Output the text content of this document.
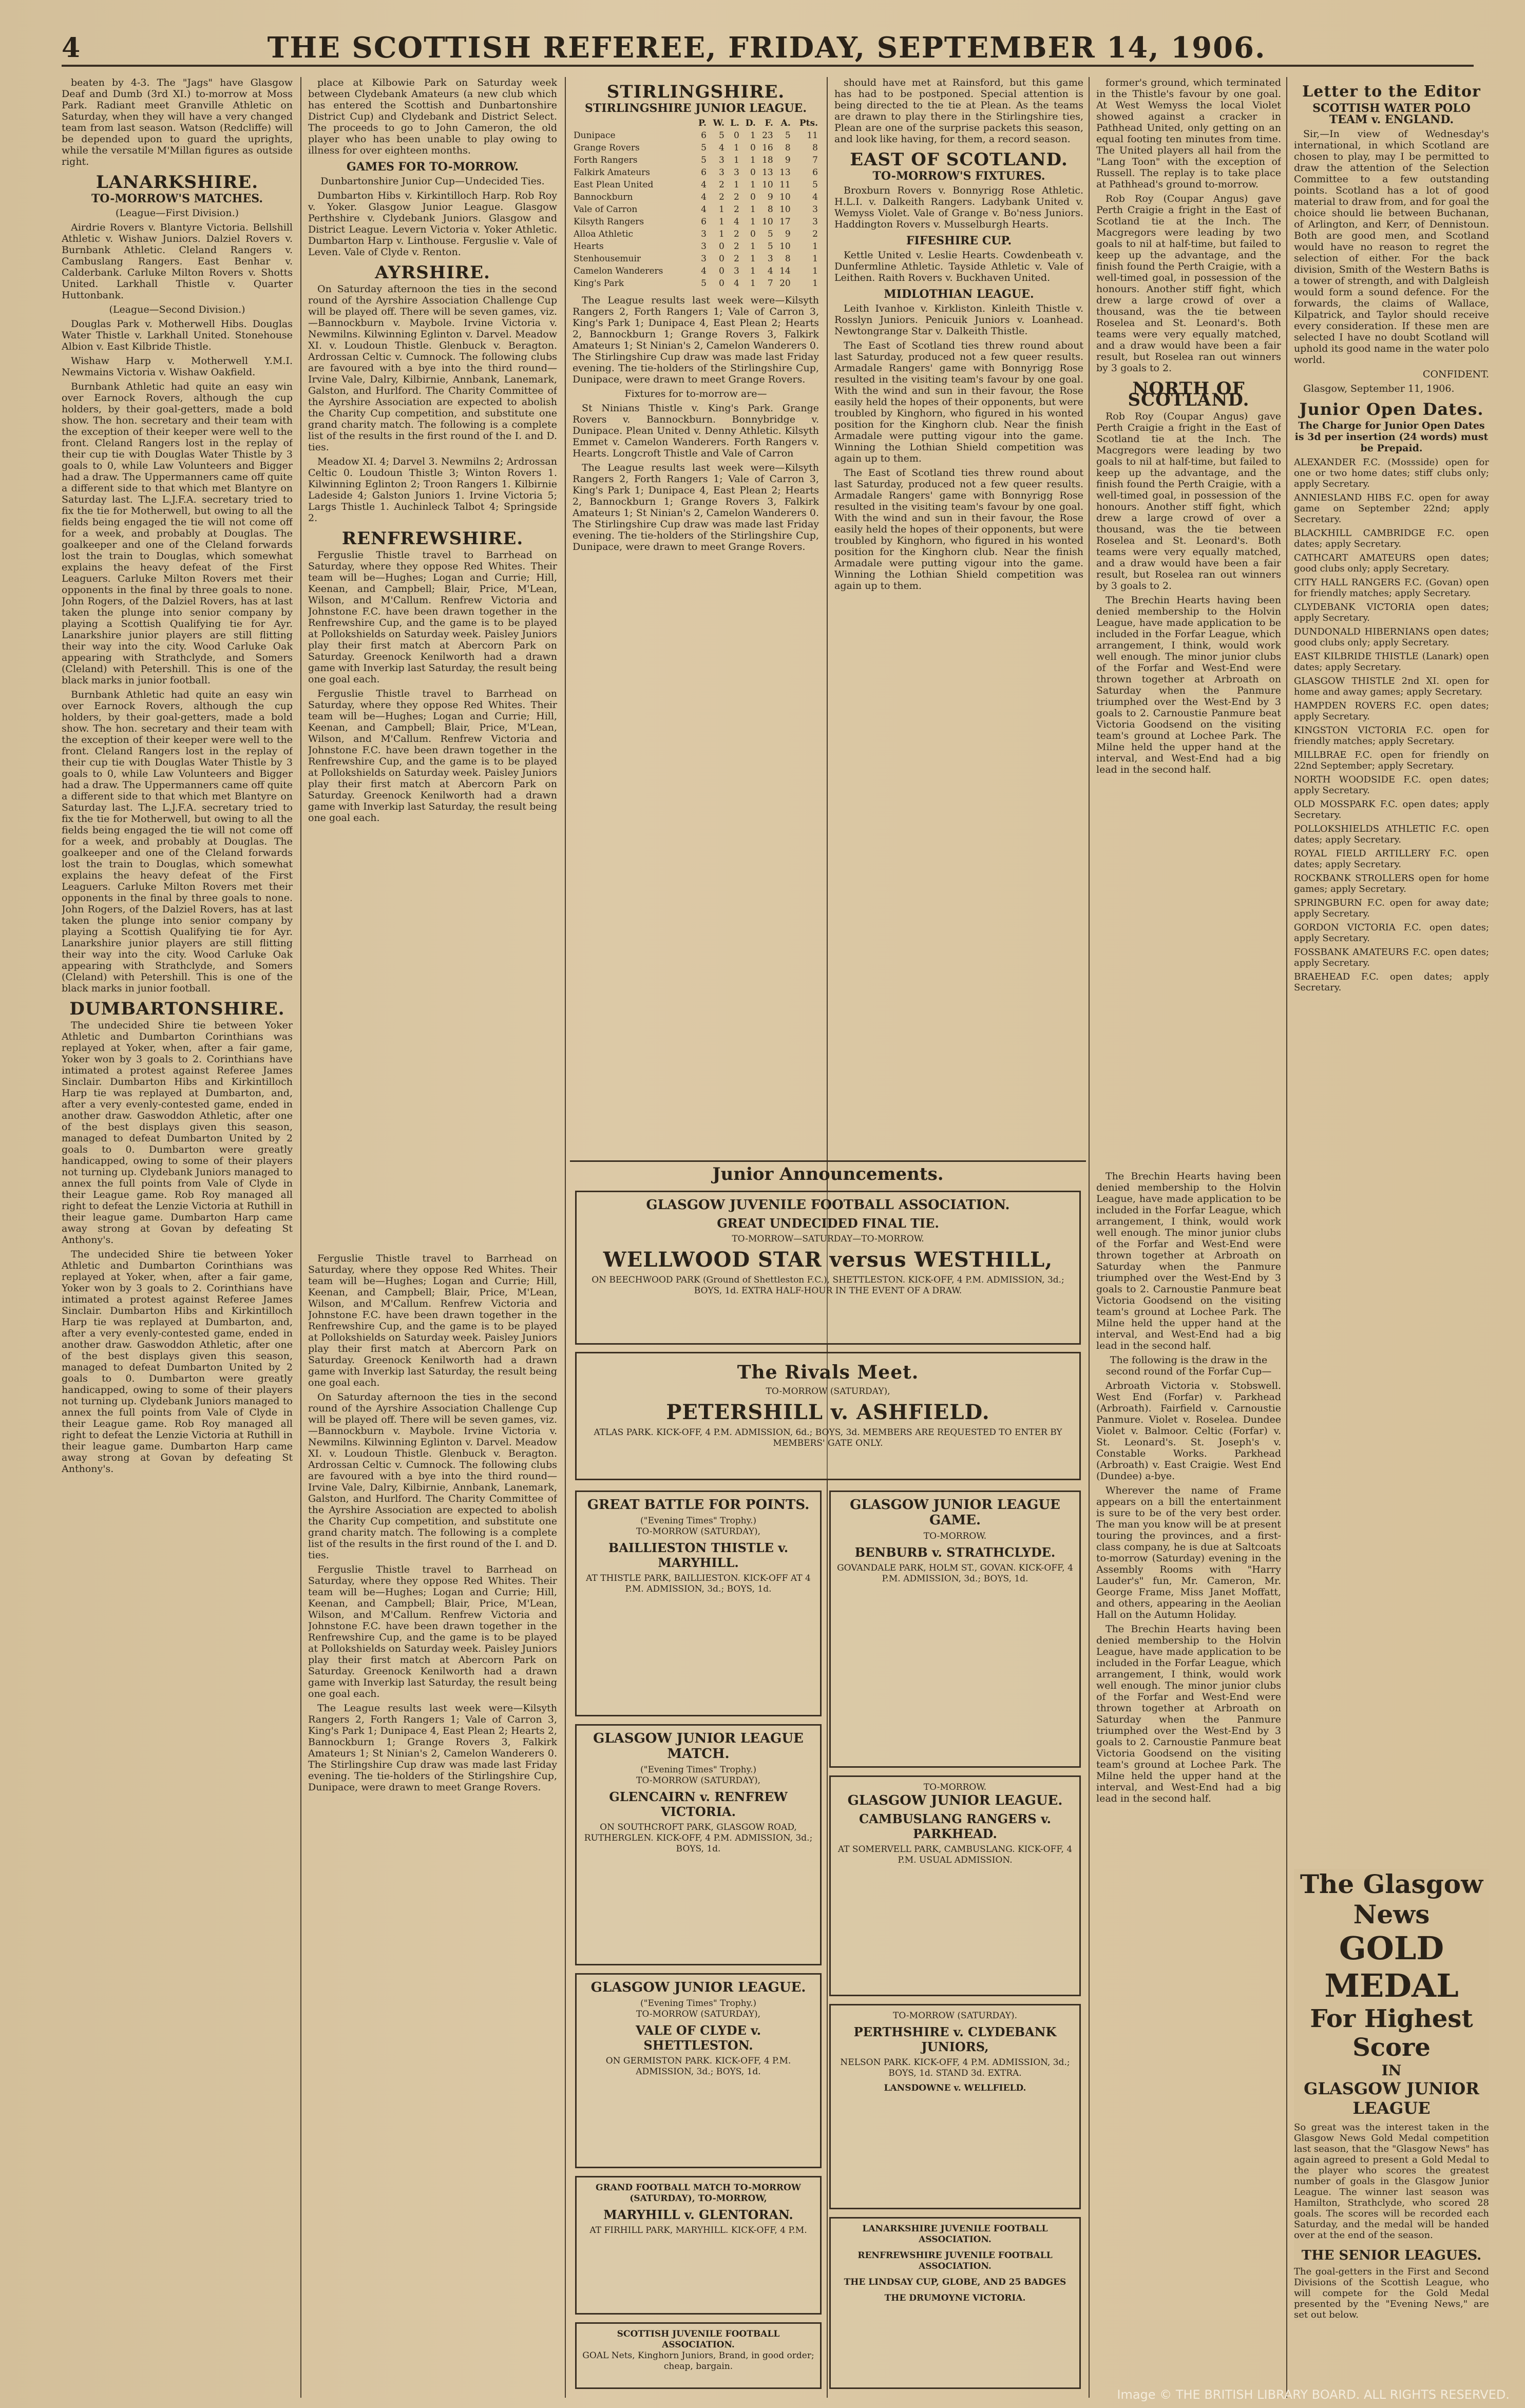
4	THE SCOTTISH REFEREE, FRIDAY, SEPTEMBER 14, 1906.

beaten by 4-3. The "Jags" have Glasgow Deaf and Dumb (3rd XI.) to-morrow at Moss Park. Radiant meet Granville Athletic on Saturday, when they will have a very changed team from last season. Watson (Redcliffe) will be depended upon to guard the uprights, while the versatile M'Millan figures as outside right.

LANARKSHIRE.
TO-MORROW'S MATCHES.

(League—First Division.)

Airdrie Rovers v. Blantyre Victoria. Bellshill Athletic v. Wishaw Juniors. Dalziel Rovers v. Burnbank Athletic. Cleland Rangers v. Cambuslang Rangers. East Benhar v. Calderbank. Carluke Milton Rovers v. Shotts United. Larkhall Thistle v. Quarter Huttonbank.

(League—Second Division.)

Douglas Park v. Motherwell Hibs. Douglas Water Thistle v. Larkhall United. Stonehouse Albion v. East Kilbride Thistle.

Wishaw Harp v. Motherwell Y.M.I. Newmains Victoria v. Wishaw Oakfield.

Burnbank Athletic had quite an easy win over Earnock Rovers, although the cup holders, by their goal-getters, made a bold show. The hon. secretary and their team with the exception of their keeper were well to the front. Cleland Rangers lost in the replay of their cup tie with Douglas Water Thistle by 3 goals to 0, while Law Volunteers and Bigger had a draw. The Uppermanners came off quite a different side to that which met Blantyre on Saturday last. The L.J.F.A. secretary tried to fix the tie for Motherwell, but owing to all the fields being engaged the tie will not come off for a week, and probably at Douglas. The goalkeeper and one of the Cleland forwards lost the train to Douglas, which somewhat explains the heavy defeat of the First Leaguers. Carluke Milton Rovers met their opponents in the final by three goals to none. John Rogers, of the Dalziel Rovers, has at last taken the plunge into senior company by playing a Scottish Qualifying tie for Ayr. Lanarkshire junior players are still flitting their way into the city. Wood Carluke Oak appearing with Strathclyde, and Somers (Cleland) with Petershill. This is one of the black marks in junior football.

Burnbank Athletic had quite an easy win over Earnock Rovers, although the cup holders, by their goal-getters, made a bold show. The hon. secretary and their team with the exception of their keeper were well to the front. Cleland Rangers lost in the replay of their cup tie with Douglas Water Thistle by 3 goals to 0, while Law Volunteers and Bigger had a draw. The Uppermanners came off quite a different side to that which met Blantyre on Saturday last. The L.J.F.A. secretary tried to fix the tie for Motherwell, but owing to all the fields being engaged the tie will not come off for a week, and probably at Douglas. The goalkeeper and one of the Cleland forwards lost the train to Douglas, which somewhat explains the heavy defeat of the First Leaguers. Carluke Milton Rovers met their opponents in the final by three goals to none. John Rogers, of the Dalziel Rovers, has at last taken the plunge into senior company by playing a Scottish Qualifying tie for Ayr. Lanarkshire junior players are still flitting their way into the city. Wood Carluke Oak appearing with Strathclyde, and Somers (Cleland) with Petershill. This is one of the black marks in junior football.

DUMBARTONSHIRE.

The undecided Shire tie between Yoker Athletic and Dumbarton Corinthians was replayed at Yoker, when, after a fair game, Yoker won by 3 goals to 2. Corinthians have intimated a protest against Referee James Sinclair. Dumbarton Hibs and Kirkintilloch Harp tie was replayed at Dumbarton, and, after a very evenly-contested game, ended in another draw. Gaswoddon Athletic, after one of the best displays given this season, managed to defeat Dumbarton United by 2 goals to 0. Dumbarton were greatly handicapped, owing to some of their players not turning up. Clydebank Juniors managed to annex the full points from Vale of Clyde in their League game. Rob Roy managed all right to defeat the Lenzie Victoria at Ruthill in their league game. Dumbarton Harp came away strong at Govan by defeating St Anthony's.

The undecided Shire tie between Yoker Athletic and Dumbarton Corinthians was replayed at Yoker, when, after a fair game, Yoker won by 3 goals to 2. Corinthians have intimated a protest against Referee James Sinclair. Dumbarton Hibs and Kirkintilloch Harp tie was replayed at Dumbarton, and, after a very evenly-contested game, ended in another draw. Gaswoddon Athletic, after one of the best displays given this season, managed to defeat Dumbarton United by 2 goals to 0. Dumbarton were greatly handicapped, owing to some of their players not turning up. Clydebank Juniors managed to annex the full points from Vale of Clyde in their League game. Rob Roy managed all right to defeat the Lenzie Victoria at Ruthill in their league game. Dumbarton Harp came away strong at Govan by defeating St Anthony's.

place at Kilbowie Park on Saturday week between Clydebank Amateurs (a new club which has entered the Scottish and Dunbartonshire District Cup) and Clydebank and District Select. The proceeds to go to John Cameron, the old player who has been unable to play owing to illness for over eighteen months.

GAMES FOR TO-MORROW.

Dunbartonshire Junior Cup—Undecided Ties.

Dumbarton Hibs v. Kirkintilloch Harp. Rob Roy v. Yoker. Glasgow Junior League. Glasgow Perthshire v. Clydebank Juniors. Glasgow and District League. Levern Victoria v. Yoker Athletic. Dumbarton Harp v. Linthouse. Ferguslie v. Vale of Leven. Vale of Clyde v. Renton.

AYRSHIRE.

On Saturday afternoon the ties in the second round of the Ayrshire Association Challenge Cup will be played off. There will be seven games, viz.—Bannockburn v. Maybole. Irvine Victoria v. Newmilns. Kilwinning Eglinton v. Darvel. Meadow XI. v. Loudoun Thistle. Glenbuck v. Beragton. Ardrossan Celtic v. Cumnock. The following clubs are favoured with a bye into the third round—Irvine Vale, Dalry, Kilbirnie, Annbank, Lanemark, Galston, and Hurlford. The Charity Committee of the Ayrshire Association are expected to abolish the Charity Cup competition, and substitute one grand charity match. The following is a complete list of the results in the first round of the I. and D. ties.

Meadow XI. 4; Darvel 3. Newmilns 2; Ardrossan Celtic 0. Loudoun Thistle 3; Winton Rovers 1. Kilwinning Eglinton 2; Troon Rangers 1. Kilbirnie Ladeside 4; Galston Juniors 1. Irvine Victoria 5; Largs Thistle 1. Auchinleck Talbot 4; Springside 2.

RENFREWSHIRE.

Ferguslie Thistle travel to Barrhead on Saturday, where they oppose Red Whites. Their team will be—Hughes; Logan and Currie; Hill, Keenan, and Campbell; Blair, Price, M'Lean, Wilson, and M'Callum. Renfrew Victoria and Johnstone F.C. have been drawn together in the Renfrewshire Cup, and the game is to be played at Pollokshields on Saturday week. Paisley Juniors play their first match at Abercorn Park on Saturday. Greenock Kenilworth had a drawn game with Inverkip last Saturday, the result being one goal each.

Ferguslie Thistle travel to Barrhead on Saturday, where they oppose Red Whites. Their team will be—Hughes; Logan and Currie; Hill, Keenan, and Campbell; Blair, Price, M'Lean, Wilson, and M'Callum. Renfrew Victoria and Johnstone F.C. have been drawn together in the Renfrewshire Cup, and the game is to be played at Pollokshields on Saturday week. Paisley Juniors play their first match at Abercorn Park on Saturday. Greenock Kenilworth had a drawn game with Inverkip last Saturday, the result being one goal each.

STIRLINGSHIRE.
STIRLINGSHIRE JUNIOR LEAGUE.
	P.	W.	L.	D.	F.	A.	Pts.
Dunipace	6	5	0	1	23	5	11
Grange Rovers	5	4	1	0	16	8	8
Forth Rangers	5	3	1	1	18	9	7
Falkirk Amateurs	6	3	3	0	13	13	6
East Plean United	4	2	1	1	10	11	5
Bannockburn	4	2	2	0	9	10	4
Vale of Carron	4	1	2	1	8	10	3
Kilsyth Rangers	6	1	4	1	10	17	3
Alloa Athletic	3	1	2	0	5	9	2
Hearts	3	0	2	1	5	10	1
Stenhousemuir	3	0	2	1	3	8	1
Camelon Wanderers	4	0	3	1	4	14	1
King's Park	5	0	4	1	7	20	1

The League results last week were—Kilsyth Rangers 2, Forth Rangers 1; Vale of Carron 3, King's Park 1; Dunipace 4, East Plean 2; Hearts 2, Bannockburn 1; Grange Rovers 3, Falkirk Amateurs 1; St Ninian's 2, Camelon Wanderers 0. The Stirlingshire Cup draw was made last Friday evening. The tie-holders of the Stirlingshire Cup, Dunipace, were drawn to meet Grange Rovers.

Fixtures for to-morrow are—

St Ninians Thistle v. King's Park. Grange Rovers v. Bannockburn. Bonnybridge v. Dunipace. Plean United v. Denny Athletic. Kilsyth Emmet v. Camelon Wanderers. Forth Rangers v. Hearts. Longcroft Thistle and Vale of Carron

The League results last week were—Kilsyth Rangers 2, Forth Rangers 1; Vale of Carron 3, King's Park 1; Dunipace 4, East Plean 2; Hearts 2, Bannockburn 1; Grange Rovers 3, Falkirk Amateurs 1; St Ninian's 2, Camelon Wanderers 0. The Stirlingshire Cup draw was made last Friday evening. The tie-holders of the Stirlingshire Cup, Dunipace, were drawn to meet Grange Rovers.

should have met at Rainsford, but this game has had to be postponed. Special attention is being directed to the tie at Plean. As the teams are drawn to play there in the Stirlingshire ties, Plean are one of the surprise packets this season, and look like having, for them, a record season.

EAST OF SCOTLAND.
TO-MORROW'S FIXTURES.

Broxburn Rovers v. Bonnyrigg Rose Athletic. H.L.I. v. Dalkeith Rangers. Ladybank United v. Wemyss Violet. Vale of Grange v. Bo'ness Juniors. Haddington Rovers v. Musselburgh Hearts.

FIFESHIRE CUP.

Kettle United v. Leslie Hearts. Cowdenbeath v. Dunfermline Athletic. Tayside Athletic v. Vale of Leithen. Raith Rovers v. Buckhaven United.

MIDLOTHIAN LEAGUE.

Leith Ivanhoe v. Kirkliston. Kinleith Thistle v. Rosslyn Juniors. Penicuik Juniors v. Loanhead. Newtongrange Star v. Dalkeith Thistle.

The East of Scotland ties threw round about last Saturday, produced not a few queer results. Armadale Rangers' game with Bonnyrigg Rose resulted in the visiting team's favour by one goal. With the wind and sun in their favour, the Rose easily held the hopes of their opponents, but were troubled by Kinghorn, who figured in his wonted position for the Kinghorn club. Near the finish Armadale were putting vigour into the game. Winning the Lothian Shield competition was again up to them.

The East of Scotland ties threw round about last Saturday, produced not a few queer results. Armadale Rangers' game with Bonnyrigg Rose resulted in the visiting team's favour by one goal. With the wind and sun in their favour, the Rose easily held the hopes of their opponents, but were troubled by Kinghorn, who figured in his wonted position for the Kinghorn club. Near the finish Armadale were putting vigour into the game. Winning the Lothian Shield competition was again up to them.

former's ground, which terminated in the Thistle's favour by one goal. At West Wemyss the local Violet showed against a cracker in Pathhead United, only getting on an equal footing ten minutes from time. The United players all hail from the "Lang Toon" with the exception of Russell. The replay is to take place at Pathhead's ground to-morrow.

Rob Roy (Coupar Angus) gave Perth Craigie a fright in the East of Scotland tie at the Inch. The Macgregors were leading by two goals to nil at half-time, but failed to keep up the advantage, and the finish found the Perth Craigie, with a well-timed goal, in possession of the honours. Another stiff fight, which drew a large crowd of over a thousand, was the tie between Roselea and St. Leonard's. Both teams were very equally matched, and a draw would have been a fair result, but Roselea ran out winners by 3 goals to 2.

NORTH OF SCOTLAND.

Rob Roy (Coupar Angus) gave Perth Craigie a fright in the East of Scotland tie at the Inch. The Macgregors were leading by two goals to nil at half-time, but failed to keep up the advantage, and the finish found the Perth Craigie, with a well-timed goal, in possession of the honours. Another stiff fight, which drew a large crowd of over a thousand, was the tie between Roselea and St. Leonard's. Both teams were very equally matched, and a draw would have been a fair result, but Roselea ran out winners by 3 goals to 2.

The Brechin Hearts having been denied membership to the Holvin League, have made application to be included in the Forfar League, which arrangement, I think, would work well enough. The minor junior clubs of the Forfar and West-End were thrown together at Arbroath on Saturday when the Panmure triumphed over the West-End by 3 goals to 2. Carnoustie Panmure beat Victoria Goodsend on the visiting team's ground at Lochee Park. The Milne held the upper hand at the interval, and West-End had a big lead in the second half.

The Brechin Hearts having been denied membership to the Holvin League, have made application to be included in the Forfar League, which arrangement, I think, would work well enough. The minor junior clubs of the Forfar and West-End were thrown together at Arbroath on Saturday when the Panmure triumphed over the West-End by 3 goals to 2. Carnoustie Panmure beat Victoria Goodsend on the visiting team's ground at Lochee Park. The Milne held the upper hand at the interval, and West-End had a big lead in the second half.

The following is the draw in the second round of the Forfar Cup—

Arbroath Victoria v. Stobswell. West End (Forfar) v. Parkhead (Arbroath). Fairfield v. Carnoustie Panmure. Violet v. Roselea. Dundee Violet v. Balmoor. Celtic (Forfar) v. St. Leonard's. St. Joseph's v. Constable Works. Parkhead (Arbroath) v. East Craigie. West End (Dundee) a-bye.

Wherever the name of Frame appears on a bill the entertainment is sure to be of the very best order. The man you know will be at present touring the provinces, and a first-class company, he is due at Saltcoats to-morrow (Saturday) evening in the Assembly Rooms with "Harry Lauder's" fun, Mr. Cameron, Mr. George Frame, Miss Janet Moffatt, and others, appearing in the Aeolian Hall on the Autumn Holiday.

The Brechin Hearts having been denied membership to the Holvin League, have made application to be included in the Forfar League, which arrangement, I think, would work well enough. The minor junior clubs of the Forfar and West-End were thrown together at Arbroath on Saturday when the Panmure triumphed over the West-End by 3 goals to 2. Carnoustie Panmure beat Victoria Goodsend on the visiting team's ground at Lochee Park. The Milne held the upper hand at the interval, and West-End had a big lead in the second half.

Letter to the Editor
SCOTTISH WATER POLO TEAM v. ENGLAND.

Sir,—In view of Wednesday's international, in which Scotland are chosen to play, may I be permitted to draw the attention of the Selection Committee to a few outstanding points. Scotland has a lot of good material to draw from, and for goal the choice should lie between Buchanan, of Arlington, and Kerr, of Dennistoun. Both are good men, and Scotland would have no reason to regret the selection of either. For the back division, Smith of the Western Baths is a tower of strength, and with Dalgleish would form a sound defence. For the forwards, the claims of Wallace, Kilpatrick, and Taylor should receive every consideration. If these men are selected I have no doubt Scotland will uphold its good name in the water polo world.

CONFIDENT.

Glasgow, September 11, 1906.

Junior Open Dates.

The Charge for Junior Open Dates is 3d per insertion (24 words) must be Prepaid.

ALEXANDER F.C. (Mossside) open for one or two home dates; stiff clubs only; apply Secretary.
ANNIESLAND HIBS F.C. open for away game on September 22nd; apply Secretary.
BLACKHILL CAMBRIDGE F.C. open dates; apply Secretary.
CATHCART AMATEURS open dates; good clubs only; apply Secretary.
CITY HALL RANGERS F.C. (Govan) open for friendly matches; apply Secretary.
CLYDEBANK VICTORIA open dates; apply Secretary.
DUNDONALD HIBERNIANS open dates; good clubs only; apply Secretary.
EAST KILBRIDE THISTLE (Lanark) open dates; apply Secretary.
GLASGOW THISTLE 2nd XI. open for home and away games; apply Secretary.
HAMPDEN ROVERS F.C. open dates; apply Secretary.
KINGSTON VICTORIA F.C. open for friendly matches; apply Secretary.
MILLBRAE F.C. open for friendly on 22nd September; apply Secretary.
NORTH WOODSIDE F.C. open dates; apply Secretary.
OLD MOSSPARK F.C. open dates; apply Secretary.
POLLOKSHIELDS ATHLETIC F.C. open dates; apply Secretary.
ROYAL FIELD ARTILLERY F.C. open dates; apply Secretary.
ROCKBANK STROLLERS open for home games; apply Secretary.
SPRINGBURN F.C. open for away date; apply Secretary.
GORDON VICTORIA F.C. open dates; apply Secretary.
FOSSBANK AMATEURS F.C. open dates; apply Secretary.
BRAEHEAD F.C. open dates; apply Secretary.
The Glasgow News
GOLD MEDAL
For Highest Score
IN
GLASGOW JUNIOR LEAGUE

So great was the interest taken in the Glasgow News Gold Medal competition last season, that the "Glasgow News" has again agreed to present a Gold Medal to the player who scores the greatest number of goals in the Glasgow Junior League. The winner last season was Hamilton, Strathclyde, who scored 28 goals. The scores will be recorded each Saturday, and the medal will be handed over at the end of the season.

THE SENIOR LEAGUES.

The goal-getters in the First and Second Divisions of the Scottish League, who will compete for the Gold Medal presented by the "Evening News," are set out below.

Junior Announcements.
GLASGOW JUVENILE FOOTBALL ASSOCIATION.
GREAT UNDECIDED FINAL TIE.
TO-MORROW—SATURDAY—TO-MORROW.
WELLWOOD STAR versus WESTHILL,
ON BEECHWOOD PARK (Ground of Shettleston F.C.), SHETTLESTON. KICK-OFF, 4 P.M. ADMISSION, 3d.; BOYS, 1d. EXTRA HALF-HOUR IN THE EVENT OF A DRAW.
The Rivals Meet.
TO-MORROW (SATURDAY),
PETERSHILL v. ASHFIELD.
ATLAS PARK. KICK-OFF, 4 P.M. ADMISSION, 6d.; BOYS, 3d. MEMBERS ARE REQUESTED TO ENTER BY MEMBERS' GATE ONLY.
GREAT BATTLE FOR POINTS.
("Evening Times" Trophy.)
TO-MORROW (SATURDAY),
BAILLIESTON THISTLE v. MARYHILL.
AT THISTLE PARK, BAILLIESTON. KICK-OFF AT 4 P.M. ADMISSION, 3d.; BOYS, 1d.
GLASGOW JUNIOR LEAGUE MATCH.
("Evening Times" Trophy.)
TO-MORROW (SATURDAY),
GLENCAIRN v. RENFREW VICTORIA.
ON SOUTHCROFT PARK, GLASGOW ROAD, RUTHERGLEN. KICK-OFF, 4 P.M. ADMISSION, 3d.; BOYS, 1d.
GLASGOW JUNIOR LEAGUE.
("Evening Times" Trophy.)
TO-MORROW (SATURDAY),
VALE OF CLYDE v. SHETTLESTON.
ON GERMISTON PARK. KICK-OFF, 4 P.M. ADMISSION, 3d.; BOYS, 1d.
GRAND FOOTBALL MATCH TO-MORROW (SATURDAY), TO-MORROW,
MARYHILL v. GLENTORAN.
AT FIRHILL PARK, MARYHILL. KICK-OFF, 4 P.M.
SCOTTISH JUVENILE FOOTBALL ASSOCIATION.
GOAL Nets, Kinghorn Juniors, Brand, in good order; cheap, bargain.
GLASGOW JUNIOR LEAGUE GAME.
TO-MORROW.
BENBURB v. STRATHCLYDE.
GOVANDALE PARK, HOLM ST., GOVAN. KICK-OFF, 4 P.M. ADMISSION, 3d.; BOYS, 1d.
TO-MORROW.
GLASGOW JUNIOR LEAGUE.
CAMBUSLANG RANGERS v. PARKHEAD.
AT SOMERVELL PARK, CAMBUSLANG. KICK-OFF, 4 P.M. USUAL ADMISSION.
TO-MORROW (SATURDAY).
PERTHSHIRE v. CLYDEBANK JUNIORS,
NELSON PARK. KICK-OFF, 4 P.M. ADMISSION, 3d.; BOYS, 1d. STAND 3d. EXTRA.
LANSDOWNE v. WELLFIELD.
LANARKSHIRE JUVENILE FOOTBALL ASSOCIATION.
RENFREWSHIRE JUVENILE FOOTBALL ASSOCIATION.
THE LINDSAY CUP, GLOBE, AND 25 BADGES
THE DRUMOYNE VICTORIA.

Ferguslie Thistle travel to Barrhead on Saturday, where they oppose Red Whites. Their team will be—Hughes; Logan and Currie; Hill, Keenan, and Campbell; Blair, Price, M'Lean, Wilson, and M'Callum. Renfrew Victoria and Johnstone F.C. have been drawn together in the Renfrewshire Cup, and the game is to be played at Pollokshields on Saturday week. Paisley Juniors play their first match at Abercorn Park on Saturday. Greenock Kenilworth had a drawn game with Inverkip last Saturday, the result being one goal each.

On Saturday afternoon the ties in the second round of the Ayrshire Association Challenge Cup will be played off. There will be seven games, viz.—Bannockburn v. Maybole. Irvine Victoria v. Newmilns. Kilwinning Eglinton v. Darvel. Meadow XI. v. Loudoun Thistle. Glenbuck v. Beragton. Ardrossan Celtic v. Cumnock. The following clubs are favoured with a bye into the third round—Irvine Vale, Dalry, Kilbirnie, Annbank, Lanemark, Galston, and Hurlford. The Charity Committee of the Ayrshire Association are expected to abolish the Charity Cup competition, and substitute one grand charity match. The following is a complete list of the results in the first round of the I. and D. ties.

Ferguslie Thistle travel to Barrhead on Saturday, where they oppose Red Whites. Their team will be—Hughes; Logan and Currie; Hill, Keenan, and Campbell; Blair, Price, M'Lean, Wilson, and M'Callum. Renfrew Victoria and Johnstone F.C. have been drawn together in the Renfrewshire Cup, and the game is to be played at Pollokshields on Saturday week. Paisley Juniors play their first match at Abercorn Park on Saturday. Greenock Kenilworth had a drawn game with Inverkip last Saturday, the result being one goal each.

The League results last week were—Kilsyth Rangers 2, Forth Rangers 1; Vale of Carron 3, King's Park 1; Dunipace 4, East Plean 2; Hearts 2, Bannockburn 1; Grange Rovers 3, Falkirk Amateurs 1; St Ninian's 2, Camelon Wanderers 0. The Stirlingshire Cup draw was made last Friday evening. The tie-holders of the Stirlingshire Cup, Dunipace, were drawn to meet Grange Rovers.

Image © THE BRITISH LIBRARY BOARD. ALL RIGHTS RESERVED.
